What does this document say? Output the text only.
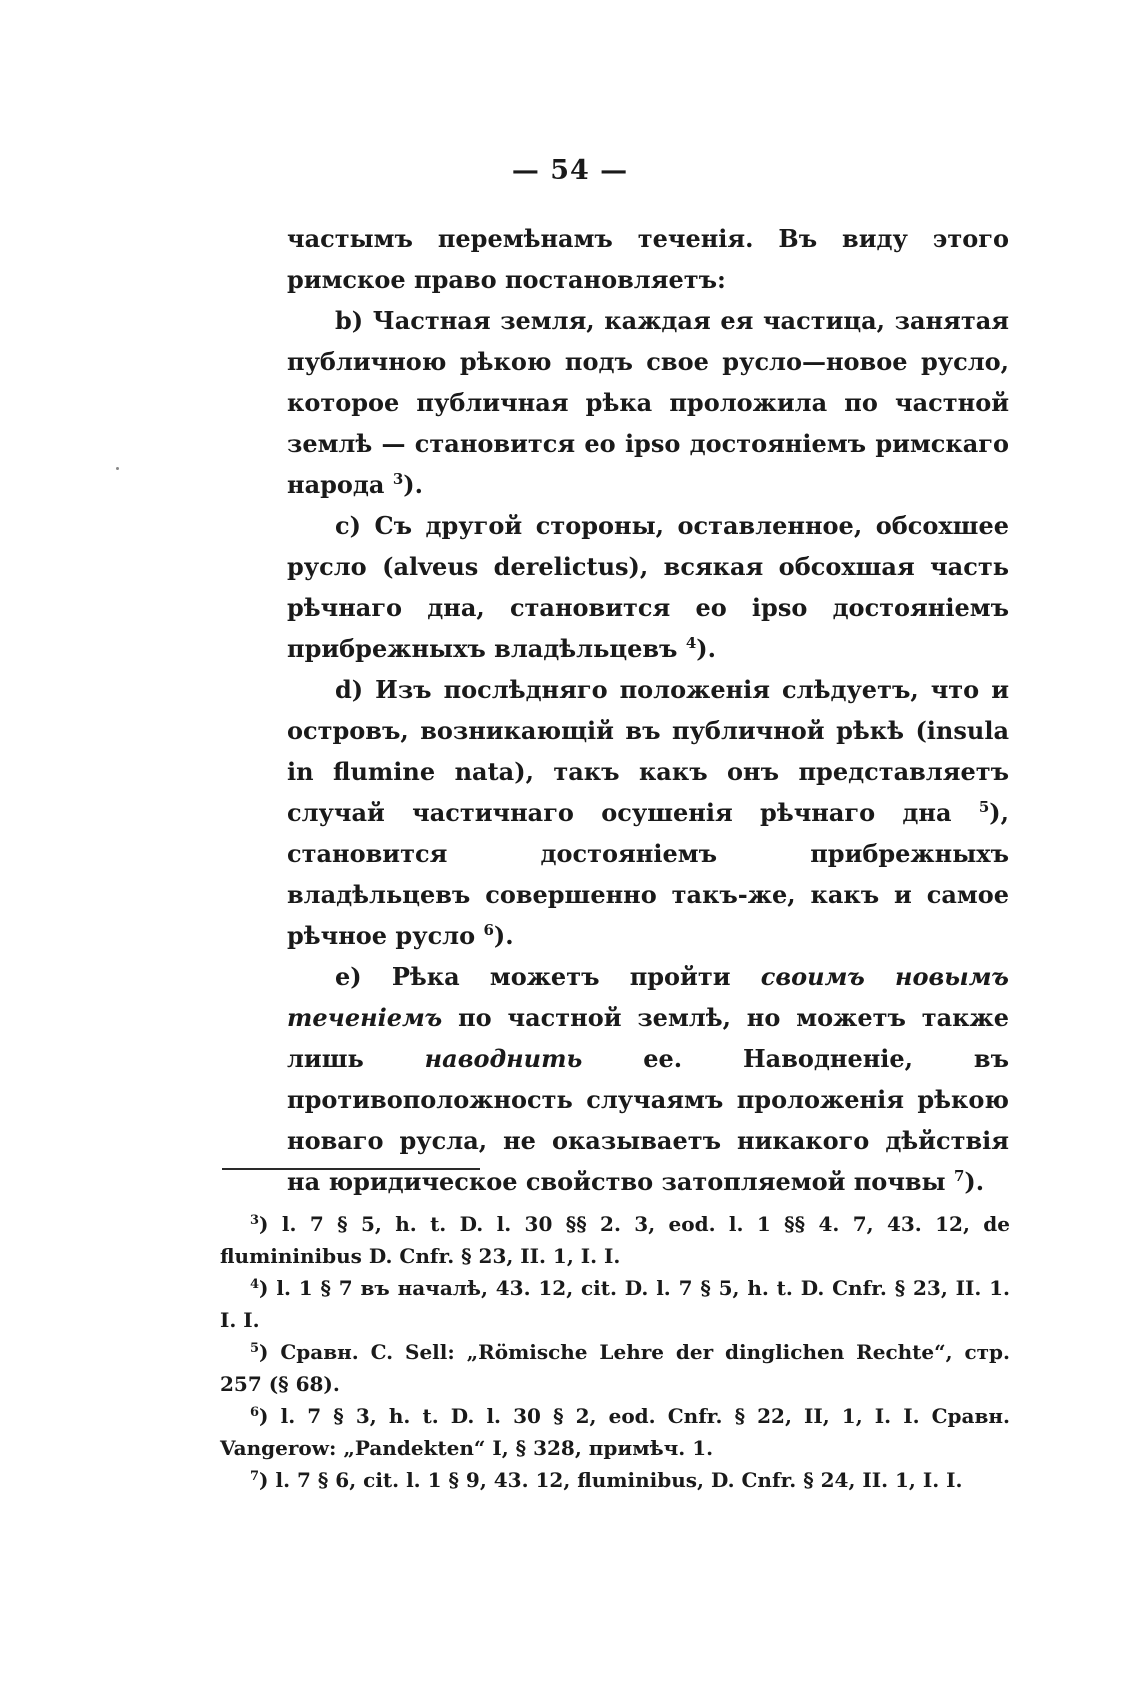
— 54 —

частымъ перемѣнамъ теченія. Въ виду этого римское право постановляетъ:

b) Частная земля, каждая ея частица, занятая публичною рѣкою подъ свое русло—новое русло, которое публичная рѣка проложила по частной землѣ — становится eo ipso достояніемъ римскаго народа $^3$).

c) Съ другой стороны, оставленное, обсохшее русло (alveus derelictus), всякая обсохшая часть рѣчнаго дна, становится eo ipso достояніемъ прибрежныхъ владѣльцевъ $^4$).

d) Изъ послѣдняго положенія слѣдуетъ, что и островъ, возникающій въ публичной рѣкѣ (insula in flumine nata), такъ какъ онъ представляетъ случай частичнаго осушенія рѣчнаго дна $^5$), становится достояніемъ прибрежныхъ владѣльцевъ совершенно такъ-же, какъ и самое рѣчное русло $^6$).

e) Рѣка можетъ пройти своимъ новымъ теченіемъ по частной землѣ, но можетъ также лишь наводнить ее. Наводненіе, въ противоположность случаямъ проложенія рѣкою новаго русла, не оказываетъ никакого дѣйствія на юридическое свойство затопляемой почвы $^7$).

$^3$) l. 7 § 5, h. t. D. l. 30 §§ 2. 3, eod. l. 1 §§ 4. 7, 43. 12, de flumininibus D. Cnfr. § 23, II. 1, I. I.

$^4$) l. 1 § 7 въ началѣ, 43. 12, cit. D. l. 7 § 5, h. t. D. Cnfr. § 23, II. 1. I. I.

$^5$) Сравн. C. Sell: „Römische Lehre der dinglichen Rechte“, стр. 257 (§ 68).

$^6$) l. 7 § 3, h. t. D. l. 30 § 2, eod. Cnfr. § 22, II, 1, I. I. Сравн. Vangerow: „Pandekten“ I, § 328, примѣч. 1.

$^7$) l. 7 § 6, cit. l. 1 § 9, 43. 12, fluminibus, D. Cnfr. § 24, II. 1, I. I.
